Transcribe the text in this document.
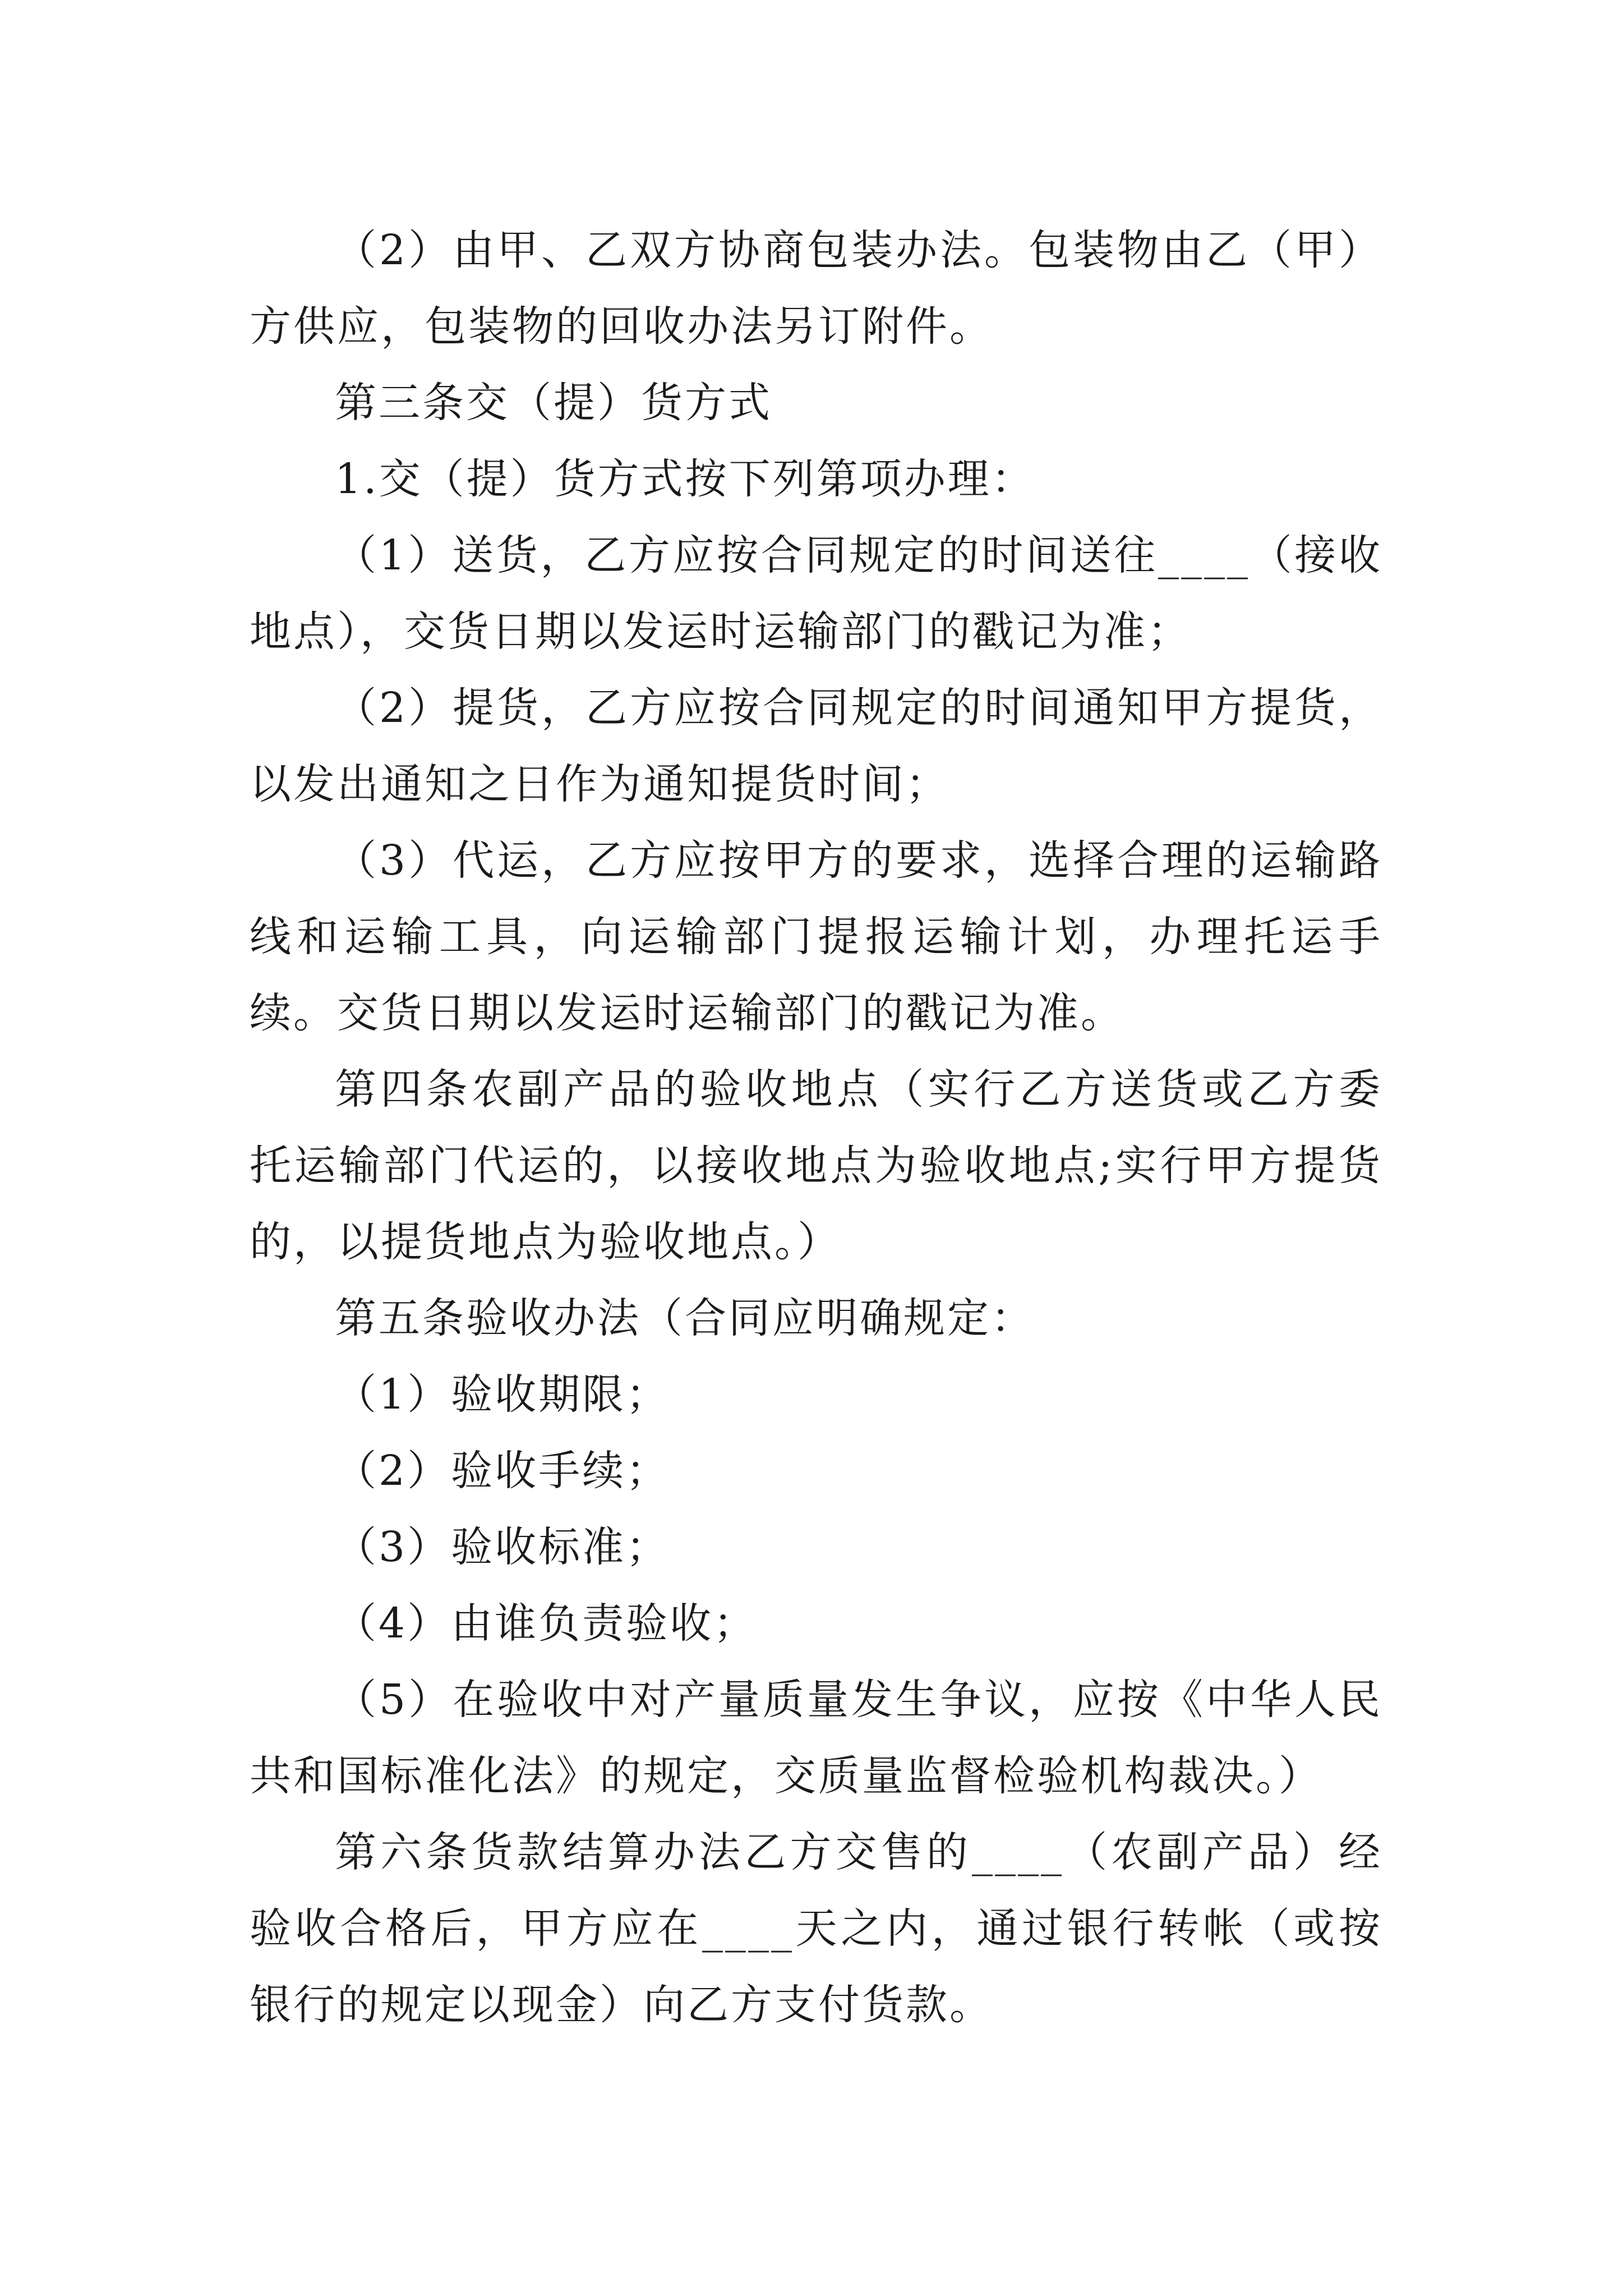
（2）由甲、乙双方协商包装办法。包装物由乙（甲）方供应，包装物的回收办法另订附件。

第三条交（提）货方式

1.交（提）货方式按下列第项办理：

（1）送货，乙方应按合同规定的时间送往____（接收地点），交货日期以发运时运输部门的戳记为准；

（2）提货，乙方应按合同规定的时间通知甲方提货，以发出通知之日作为通知提货时间；

（3）代运，乙方应按甲方的要求，选择合理的运输路线和运输工具，向运输部门提报运输计划，办理托运手续。交货日期以发运时运输部门的戳记为准。

第四条农副产品的验收地点（实行乙方送货或乙方委托运输部门代运的，以接收地点为验收地点;实行甲方提货的，以提货地点为验收地点。）

第五条验收办法（合同应明确规定：

（1）验收期限；

（2）验收手续；

（3）验收标准；

（4）由谁负责验收；

（5）在验收中对产量质量发生争议，应按《中华人民共和国标准化法》的规定，交质量监督检验机构裁决。）

第六条货款结算办法乙方交售的____（农副产品）经验收合格后，甲方应在____天之内，通过银行转帐（或按银行的规定以现金）向乙方支付货款。
